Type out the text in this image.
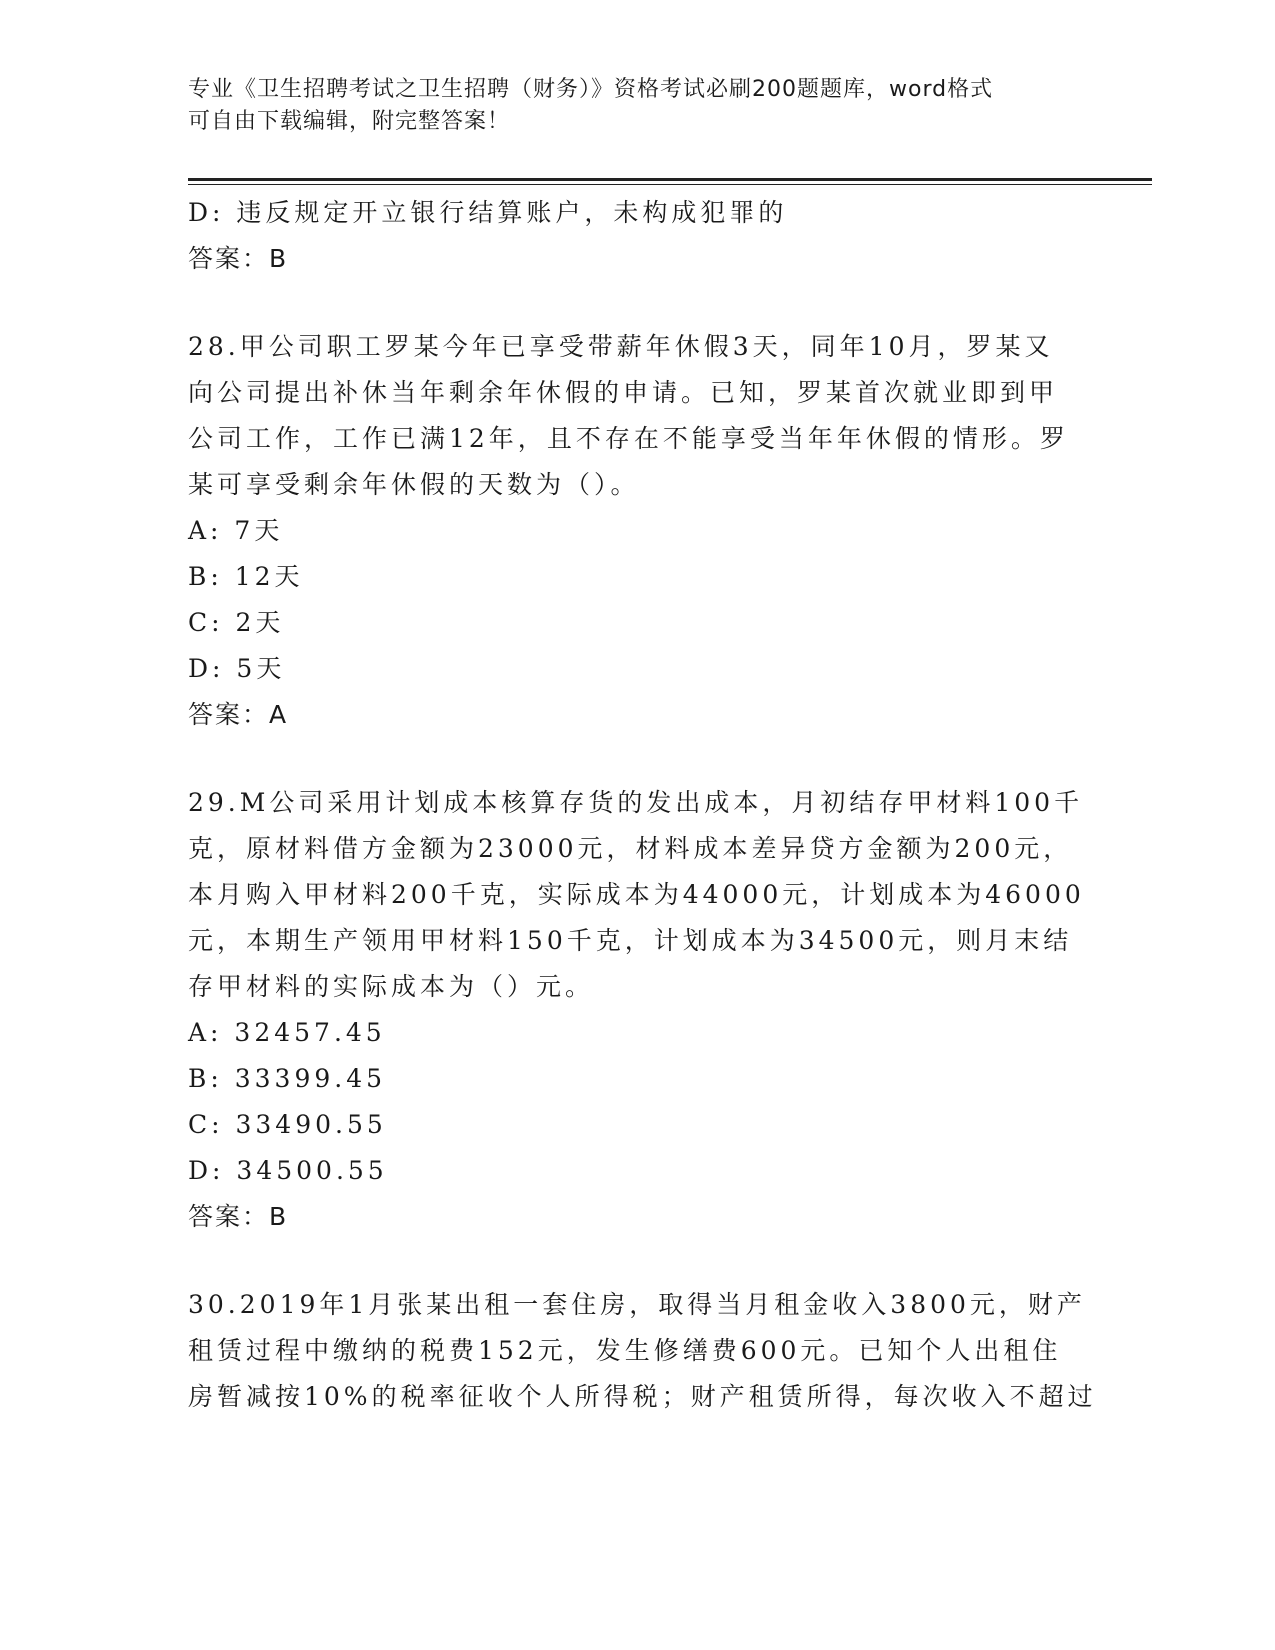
专业《卫生招聘考试之卫生招聘（财务）》资格考试必刷200题题库，word格式
可自由下载编辑，附完整答案！
D: 违反规定开立银行结算账户，未构成犯罪的
答案：B
28.甲公司职工罗某今年已享受带薪年休假3天，同年10月，罗某又
向公司提出补休当年剩余年休假的申请。已知，罗某首次就业即到甲
公司工作，工作已满12年，且不存在不能享受当年年休假的情形。罗
某可享受剩余年休假的天数为（）。
A: 7天
B: 12天
C: 2天
D: 5天
答案：A
29.M公司采用计划成本核算存货的发出成本，月初结存甲材料100千
克，原材料借方金额为23000元，材料成本差异贷方金额为200元，
本月购入甲材料200千克，实际成本为44000元，计划成本为46000
元，本期生产领用甲材料150千克，计划成本为34500元，则月末结
存甲材料的实际成本为（）元。
A: 32457.45
B: 33399.45
C: 33490.55
D: 34500.55
答案：B
30.2019年1月张某出租一套住房，取得当月租金收入3800元，财产
租赁过程中缴纳的税费152元，发生修缮费600元。已知个人出租住
房暂减按10%的税率征收个人所得税；财产租赁所得，每次收入不超过
